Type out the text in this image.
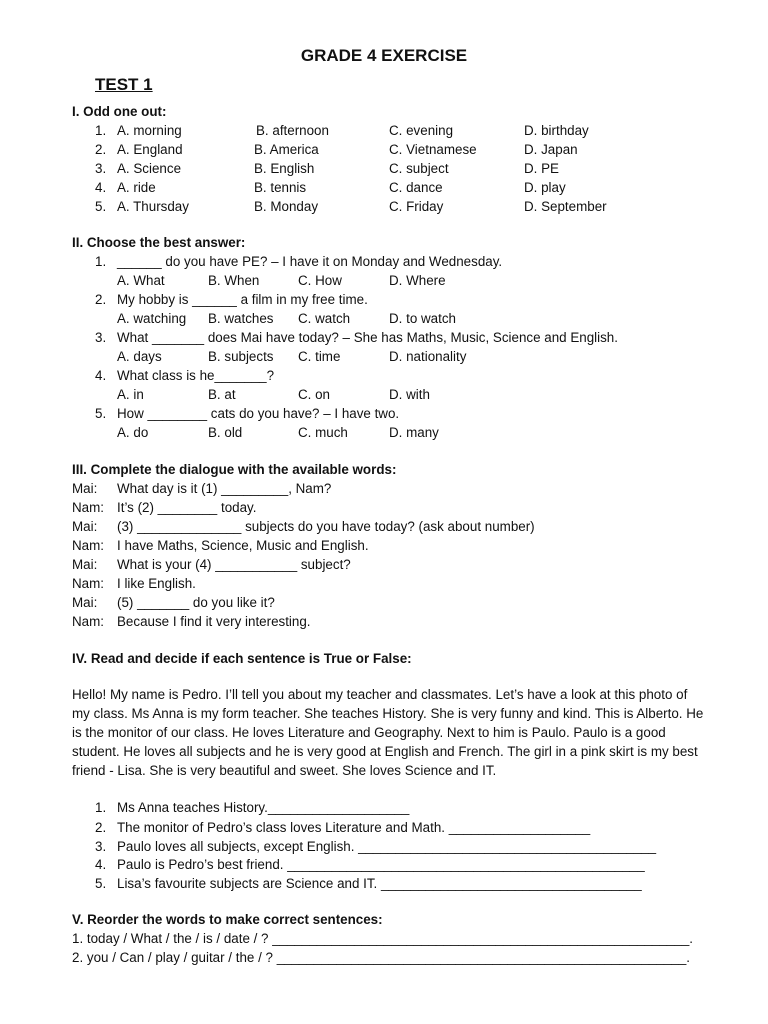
GRADE 4 EXERCISE
TEST 1
I. Odd one out:
1. A. morning	B. afternoon	C. evening	D. birthday
2. A. England	B. America	C. Vietnamese	D. Japan
3. A. Science	B. English	C. subject	D. PE
4. A. ride	B. tennis	C. dance	D. play
5. A. Thursday	B. Monday	C. Friday	D. September
II. Choose the best answer:
1. ______ do you have PE? – I have it on Monday and Wednesday.
A. What	B. When	C. How	D. Where
2. My hobby is ______ a film in my free time.
A. watching B. watches C. watch	D. to watch
3. What _______ does Mai have today? – She has Maths, Music, Science and English.
A. days	B. subjects C. time	D. nationality
4. What class is he_______?
A. in	B. at	C. on	D. with
5. How ________ cats do you have? – I have two.
A. do	B. old	C. much	D. many
III. Complete the dialogue with the available words:
Mai: What day is it (1) _________, Nam?
Nam: It’s (2) ________ today.
Mai: (3) ______________ subjects do you have today? (ask about number)
Nam: I have Maths, Science, Music and English.
Mai: What is your (4) ___________ subject?
Nam: I like English.
Mai: (5) _______ do you like it?
Nam: Because I find it very interesting.
IV. Read and decide if each sentence is True or False:

Hello! My name is Pedro. I’ll tell you about my teacher and classmates. Let’s have a look at this photo of my class. Ms Anna is my form teacher. She teaches History. She is very funny and kind. This is Alberto. He is the monitor of our class. He loves Literature and Geography. Next to him is Paulo. Paulo is a good student. He loves all subjects and he is very good at English and French. The girl in a pink skirt is my best friend - Lisa. She is very beautiful and sweet. She loves Science and IT.

1. Ms Anna teaches History.___________________
2. The monitor of Pedro’s class loves Literature and Math. ___________________
3. Paulo loves all subjects, except English. ________________________________________
4. Paulo is Pedro’s best friend. ________________________________________________
5. Lisa’s favourite subjects are Science and IT. ___________________________________
V. Reorder the words to make correct sentences:
1. today / What / the / is / date / ? ________________________________________________________.
2. you / Can / play / guitar / the / ? _______________________________________________________.
